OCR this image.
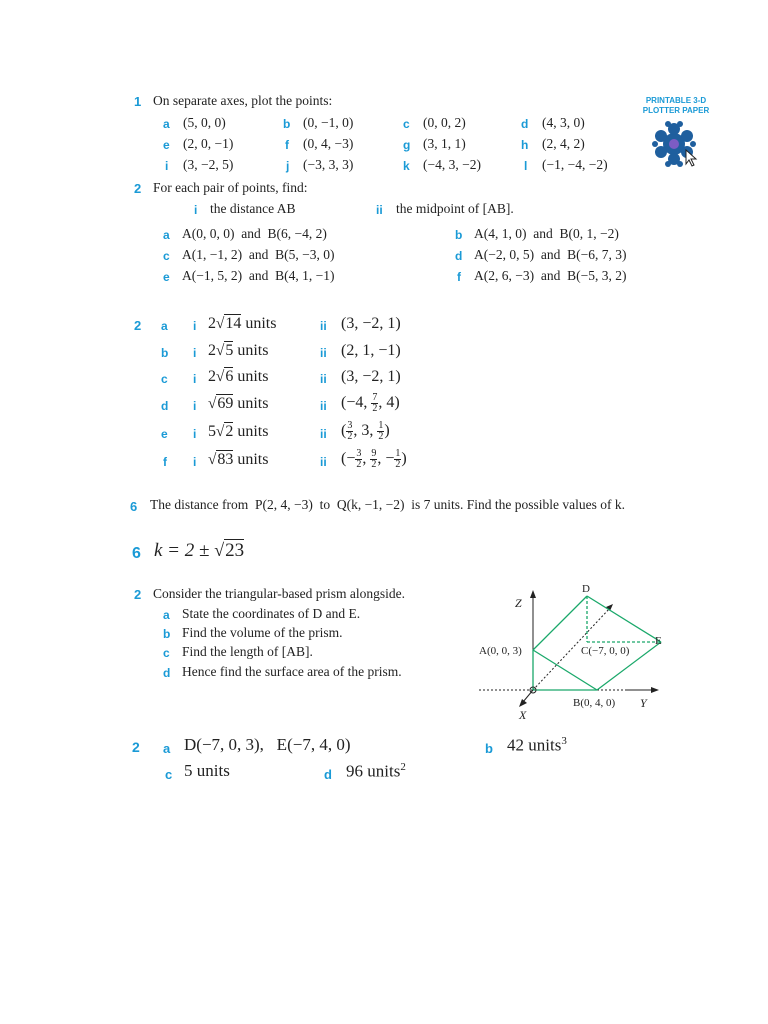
1 On separate axes, plot the points:
a (5, 0, 0)	b (0, −1, 0)	c (0, 0, 2)	d (4, 3, 0)
e (2, 0, −1)	f (0, 4, −3)	g (3, 1, 1)	h (2, 4, 2)
i (3, −2, 5)	j (−3, 3, 3)	k (−4, 3, −2)	l (−1, −4, −2)
PRINTABLE 3-D
PLOTTER PAPER
2 For each pair of points, find:
i the distance AB	ii the midpoint of [AB].
a A(0, 0, 0)  and  B(6, −4, 2)	b A(4, 1, 0)  and  B(0, 1, −2)
c A(1, −1, 2)  and  B(5, −3, 0)	d A(−2, 0, 5)  and  B(−6, 7, 3)
e A(−1, 5, 2)  and  B(4, 1, −1)	f A(2, 6, −3)  and  B(−5, 3, 2)
2 a i 2√14 units	ii (3, −2, 1)
b i 2√5 units	ii (2, 1, −1)
c i 2√6 units	ii (3, −2, 1)
d i √69 units	ii (−4, $\frac{7}{2}$ , 4)
e i 5√2 units	ii ( $\frac{3}{2}$ , 3, $\frac{1}{2}$ )
f i √83 units	ii (− $\frac{3}{2}$ , $\frac{9}{2}$ , − $\frac{1}{2}$ )
6 The distance from  P(2, 4, −3)  to  Q(k, −1, −2)  is 7 units. Find the possible values of k.
6 k = 2 ± √23
2 Consider the triangular-based prism alongside.
a State the coordinates of D and E.
b Find the volume of the prism.
c Find the length of [AB].
d Hence find the surface area of the prism.
Z
X
Y
D
E
A(0, 0, 3)
B(0, 4, 0)
C(−7, 0, 0)
2 a D(−7, 0, 3),   E(−7, 4, 0)	b 42 units$^3$
c 5 units	d 96 units$^2$
